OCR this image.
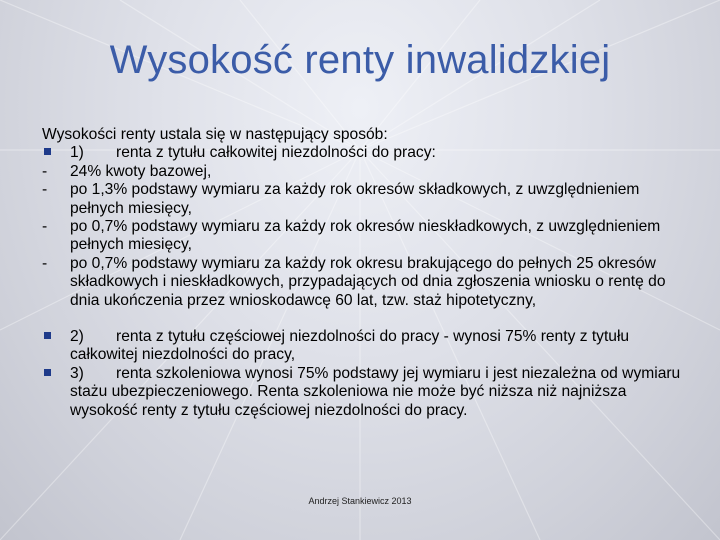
Wysokość renty inwalidzkiej

Wysokości renty ustala się w następujący sposób:

1) renta z tytułu całkowitej niezdolności do pracy:
-	24% kwoty bazowej,
-	po 1,3% podstawy wymiaru za każdy rok okresów składkowych, z uwzględnieniem pełnych miesięcy,
-	po 0,7% podstawy wymiaru za każdy rok okresów nieskładkowych, z uwzględnieniem pełnych miesięcy,
-	po 0,7% podstawy wymiaru za każdy rok okresu brakującego do pełnych 25 okresów składkowych i nieskładkowych, przypadających od dnia zgłoszenia wniosku o rentę do dnia ukończenia przez wnioskodawcę 60 lat, tzw. staż hipotetyczny,
2) renta z tytułu częściowej niezdolności do pracy - wynosi 75% renty z tytułu całkowitej niezdolności do pracy,
3) renta szkoleniowa wynosi 75% podstawy jej wymiaru i jest niezależna od wymiaru stażu ubezpieczeniowego. Renta szkoleniowa nie może być niższa niż najniższa wysokość renty z tytułu częściowej niezdolności do pracy.
Andrzej Stankiewicz 2013
